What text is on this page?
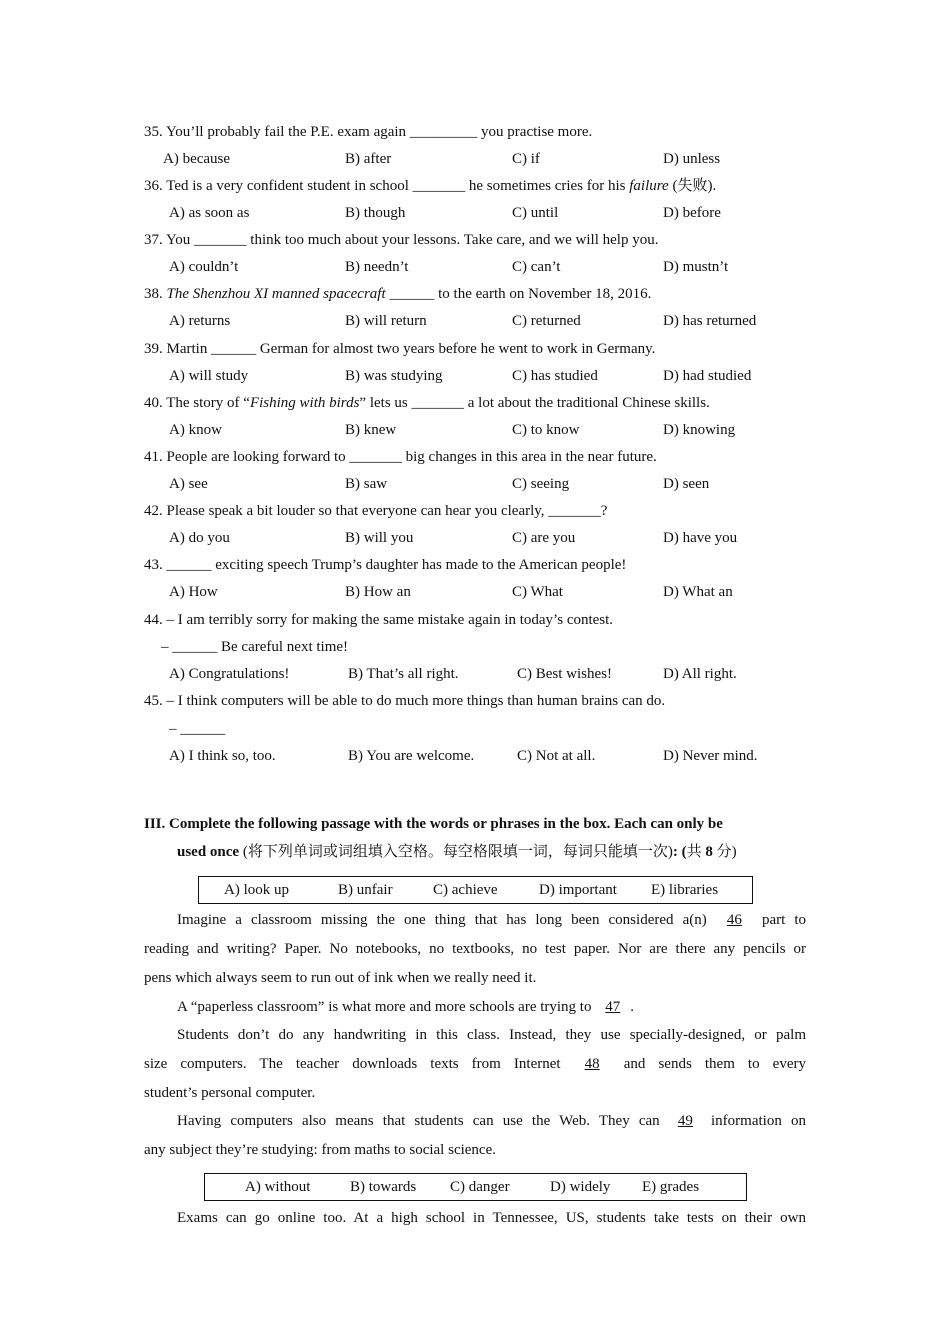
35. You’ll probably fail the P.E. exam again _________ you practise more.
A) because	B) after	C) if	D) unless
36. Ted is a very confident student in school _______ he sometimes cries for his failure (失败).
A) as soon as	B) though	C) until	D) before
37. You _______ think too much about your lessons. Take care, and we will help you.
A) couldn’t	B) needn’t	C) can’t	D) mustn’t
38. The Shenzhou XI manned spacecraft ______ to the earth on November 18, 2016.
A) returns	B) will return	C) returned	D) has returned
39. Martin ______ German for almost two years before he went to work in Germany.
A) will study	B) was studying	C) has studied	D) had studied
40. The story of “Fishing with birds” lets us _______ a lot about the traditional Chinese skills.
A) know	B) knew	C) to know	D) knowing
41. People are looking forward to _______ big changes in this area in the near future.
A) see	B) saw	C) seeing	D) seen
42. Please speak a bit louder so that everyone can hear you clearly, _______?
A) do you	B) will you	C) are you	D) have you
43. ______ exciting speech Trump’s daughter has made to the American people!
A) How	B) How an	C) What	D) What an
44. – I am terribly sorry for making the same mistake again in today’s contest.
– ______ Be careful next time!
A) Congratulations!	B) That’s all right.	C) Best wishes!	D) All right.
45. – I think computers will be able to do much more things than human brains can do.
– ______
A) I think so, too.	B) You are welcome.	C) Not at all.	D) Never mind.
III. Complete the following passage with the words or phrases in the box. Each can only be
used once (将下列单词或词组填入空格。每空格限填一词，每词只能填一次): (共 8 分)
A) look up	B) unfair	C) achieve	D) important E) libraries
Imagine a classroom missing the one thing that has long been considered a(n) 46 part to
reading and writing? Paper. No notebooks, no textbooks, no test paper. Nor are there any pencils or
pens which always seem to run out of ink when we really need it.
A “paperless classroom” is what more and more schools are trying to 47 .
Students don’t do any handwriting in this class. Instead, they use specially-designed, or palm
size computers. The teacher downloads texts from Internet 48 and sends them to every
student’s personal computer.
Having computers also means that students can use the Web. They can 49 information on
any subject they’re studying: from maths to social science.
A) without	B) towards C) danger	D) widely E) grades
Exams can go online too. At a high school in Tennessee, US, students take tests on their own
